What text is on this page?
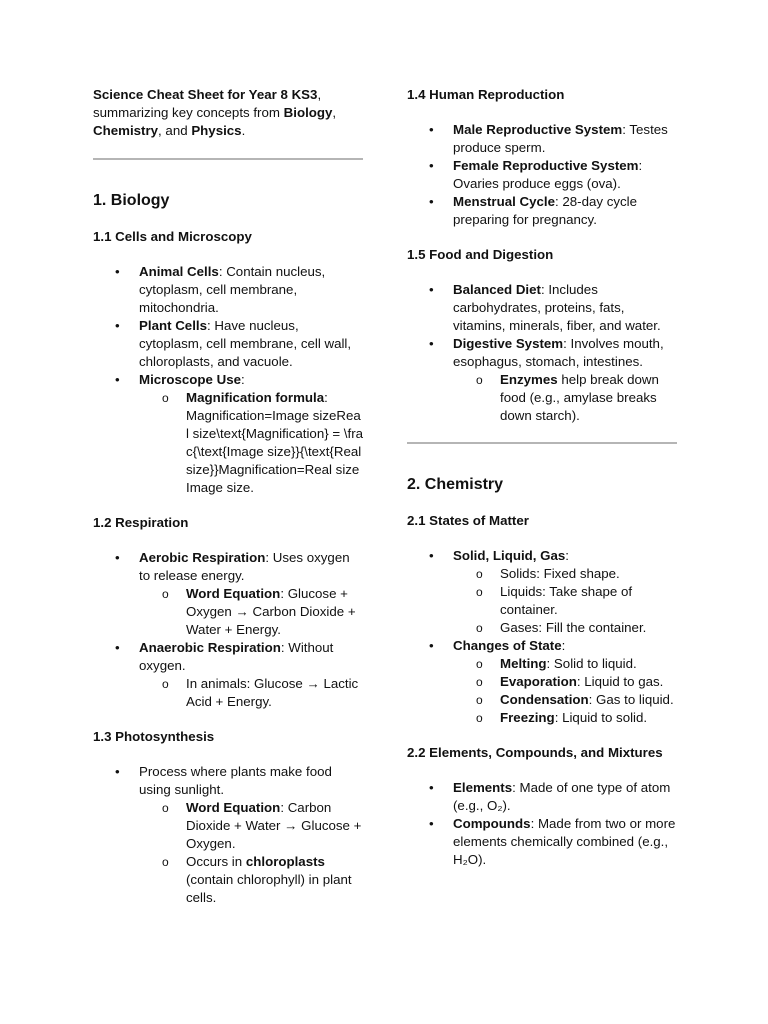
Science Cheat Sheet for Year 8 KS3,
summarizing key concepts from Biology,
Chemistry, and Physics.

1. Biology
1.1 Cells and Microscopy
• Animal Cells: Contain nucleus, cytoplasm, cell membrane, mitochondria.
• Plant Cells: Have nucleus, cytoplasm, cell membrane, cell wall, chloroplasts, and vacuole.
• Microscope Use:
o Magnification formula:
Magnification=Image sizeReal size\text{Magnification} = \frac{\text{Image size}}{\text{Real size}}Magnification=Real sizeImage size.
1.2 Respiration
• Aerobic Respiration: Uses oxygen to release energy.
o Word Equation: Glucose + Oxygen → Carbon Dioxide + Water + Energy.
• Anaerobic Respiration: Without oxygen.
o In animals: Glucose → Lactic Acid + Energy.
1.3 Photosynthesis
• Process where plants make food using sunlight.
o Word Equation: Carbon Dioxide + Water → Glucose + Oxygen.
o Occurs in chloroplasts (contain chlorophyll) in plant cells.
1.4 Human Reproduction
• Male Reproductive System: Testes produce sperm.
• Female Reproductive System: Ovaries produce eggs (ova).
• Menstrual Cycle: 28-day cycle preparing for pregnancy.
1.5 Food and Digestion
• Balanced Diet: Includes carbohydrates, proteins, fats, vitamins, minerals, fiber, and water.
• Digestive System: Involves mouth, esophagus, stomach, intestines.
o Enzymes help break down food (e.g., amylase breaks down starch).
2. Chemistry
2.1 States of Matter
• Solid, Liquid, Gas:
o Solids: Fixed shape.
o Liquids: Take shape of container.
o Gases: Fill the container.
• Changes of State:
o Melting: Solid to liquid.
o Evaporation: Liquid to gas.
o Condensation: Gas to liquid.
o Freezing: Liquid to solid.
2.2 Elements, Compounds, and Mixtures
• Elements: Made of one type of atom (e.g., O₂).
• Compounds: Made from two or more elements chemically combined (e.g., H₂O).
